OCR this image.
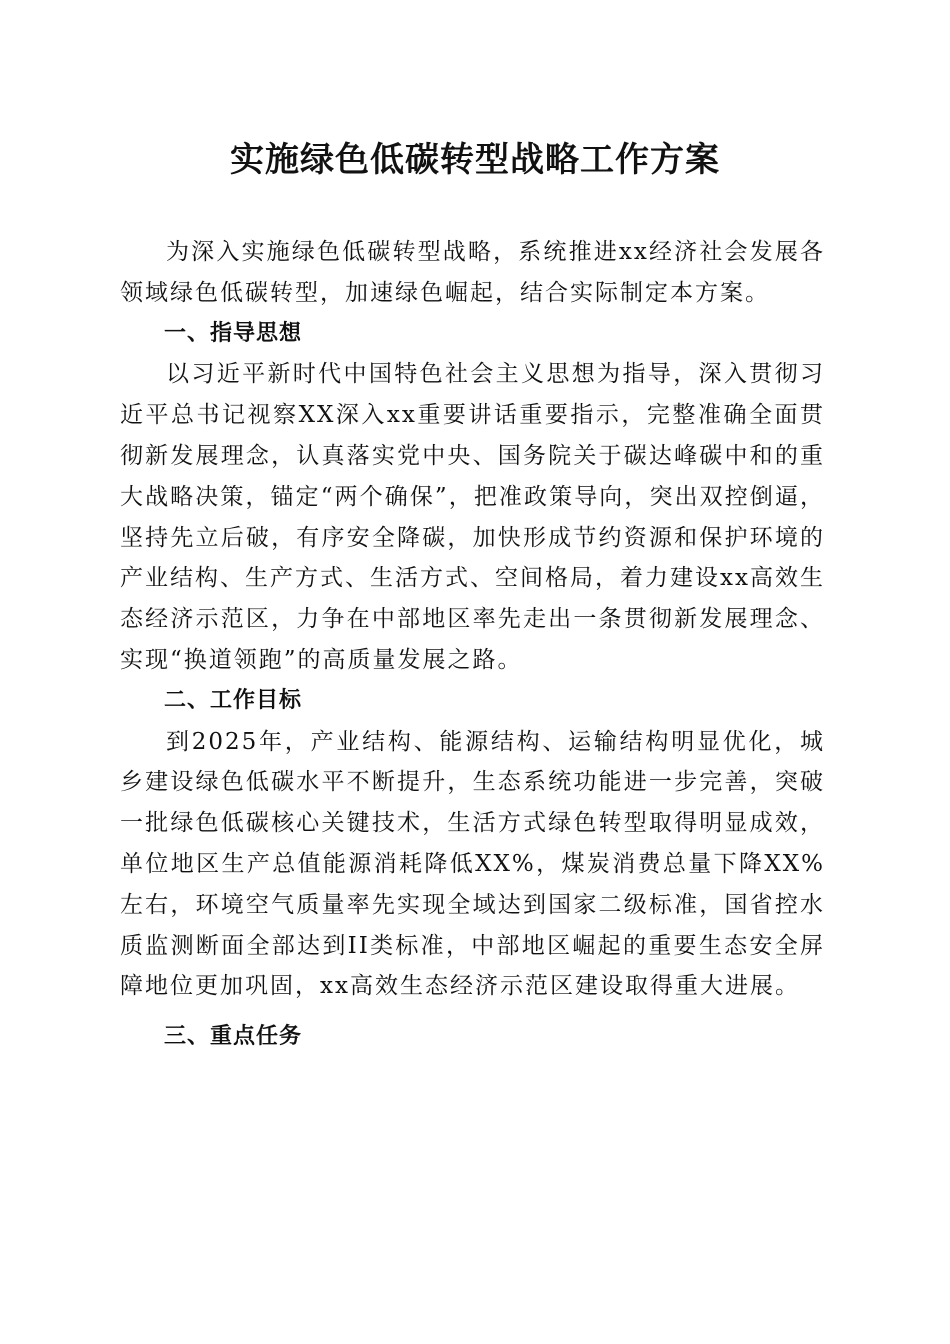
实施绿色低碳转型战略工作方案

为深入实施绿色低碳转型战略，系统推进xx经济社会发展各领域绿色低碳转型，加速绿色崛起，结合实际制定本方案。

一、指导思想

以习近平新时代中国特色社会主义思想为指导，深入贯彻习近平总书记视察XX深入xx重要讲话重要指示，完整准确全面贯彻新发展理念，认真落实党中央、国务院关于碳达峰碳中和的重大战略决策，锚定“两个确保”，把准政策导向，突出双控倒逼，坚持先立后破，有序安全降碳，加快形成节约资源和保护环境的产业结构、生产方式、生活方式、空间格局，着力建设xx高效生态经济示范区，力争在中部地区率先走出一条贯彻新发展理念、实现“换道领跑”的高质量发展之路。

二、工作目标

到2025年，产业结构、能源结构、运输结构明显优化，城乡建设绿色低碳水平不断提升，生态系统功能进一步完善，突破一批绿色低碳核心关键技术，生活方式绿色转型取得明显成效，单位地区生产总值能源消耗降低XX%，煤炭消费总量下降XX%左右，环境空气质量率先实现全域达到国家二级标准，国省控水质监测断面全部达到II类标准，中部地区崛起的重要生态安全屏障地位更加巩固，xx高效生态经济示范区建设取得重大进展。

三、重点任务
